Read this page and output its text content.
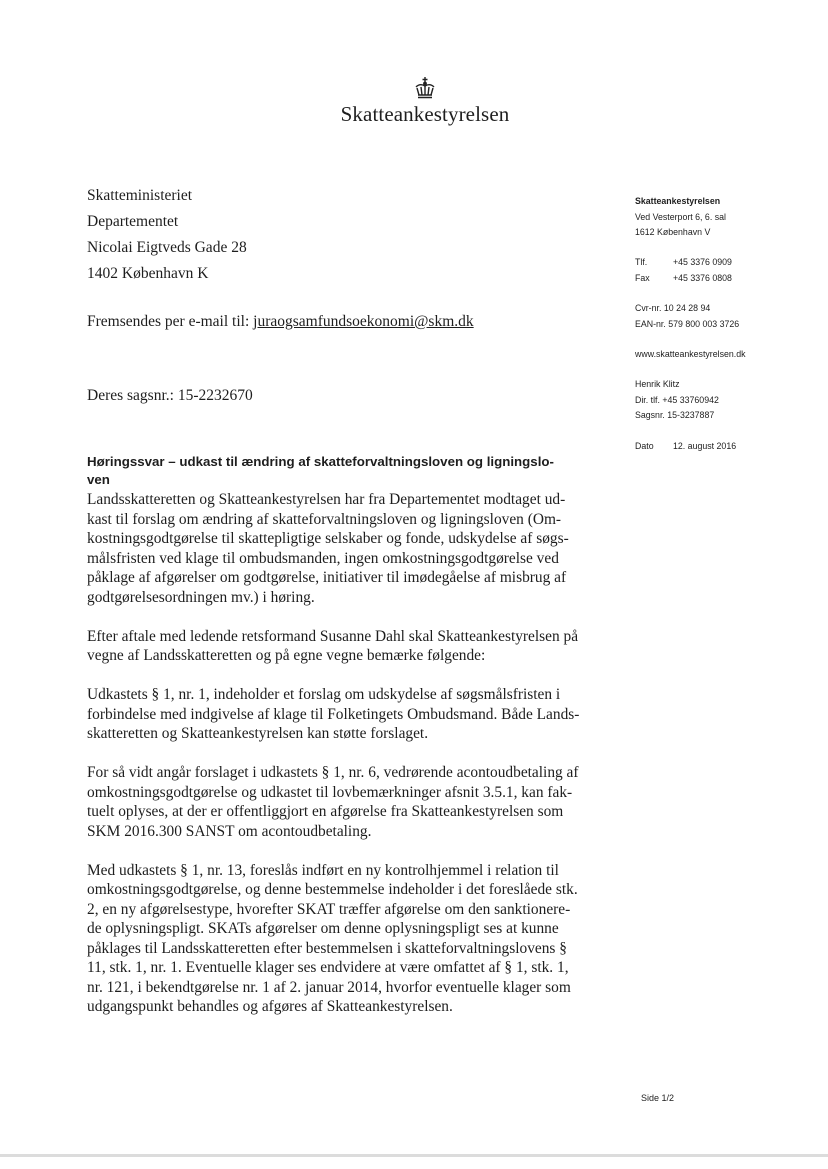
Skatteankestyrelsen
Skatteministeriet
Departementet
Nicolai Eigtveds Gade 28
1402 København K
Fremsendes per e-mail til: juraogsamfundsoekonomi@skm.dk
Deres sagsnr.: 15-2232670
Skatteankestyrelsen
Ved Vesterport 6, 6. sal
1612 København V
Tlf.	+45 3376 0909
Fax	+45 3376 0808
Cvr-nr. 10 24 28 94
EAN-nr. 579 800 003 3726
www.skatteankestyrelsen.dk
Henrik Klitz
Dir. tlf. +45 33760942
Sagsnr. 15-3237887
Dato 12. august 2016
Høringssvar – udkast til ændring af skatteforvaltningsloven og ligningslo-
ven

Landsskatteretten og Skatteankestyrelsen har fra Departementet modtaget ud-
kast til forslag om ændring af skatteforvaltningsloven og ligningsloven (Om-
kostningsgodtgørelse til skattepligtige selskaber og fonde, udskydelse af søgs-
målsfristen ved klage til ombudsmanden, ingen omkostningsgodtgørelse ved
påklage af afgørelser om godtgørelse, initiativer til imødegåelse af misbrug af
godtgørelsesordningen mv.) i høring.

Efter aftale med ledende retsformand Susanne Dahl skal Skatteankestyrelsen på
vegne af Landsskatteretten og på egne vegne bemærke følgende:

Udkastets § 1, nr. 1, indeholder et forslag om udskydelse af søgsmålsfristen i
forbindelse med indgivelse af klage til Folketingets Ombudsmand. Både Lands-
skatteretten og Skatteankestyrelsen kan støtte forslaget.

For så vidt angår forslaget i udkastets § 1, nr. 6, vedrørende acontoudbetaling af
omkostningsgodtgørelse og udkastet til lovbemærkninger afsnit 3.5.1, kan fak-
tuelt oplyses, at der er offentliggjort en afgørelse fra Skatteankestyrelsen som
SKM 2016.300 SANST om acontoudbetaling.

Med udkastets § 1, nr. 13, foreslås indført en ny kontrolhjemmel i relation til
omkostningsgodtgørelse, og denne bestemmelse indeholder i det foreslåede stk.
2, en ny afgørelsestype, hvorefter SKAT træffer afgørelse om den sanktionere-
de oplysningspligt. SKATs afgørelser om denne oplysningspligt ses at kunne
påklages til Landsskatteretten efter bestemmelsen i skatteforvaltningslovens §
11, stk. 1, nr. 1. Eventuelle klager ses endvidere at være omfattet af § 1, stk. 1,
nr. 121, i bekendtgørelse nr. 1 af 2. januar 2014, hvorfor eventuelle klager som
udgangspunkt behandles og afgøres af Skatteankestyrelsen.

Side 1/2
